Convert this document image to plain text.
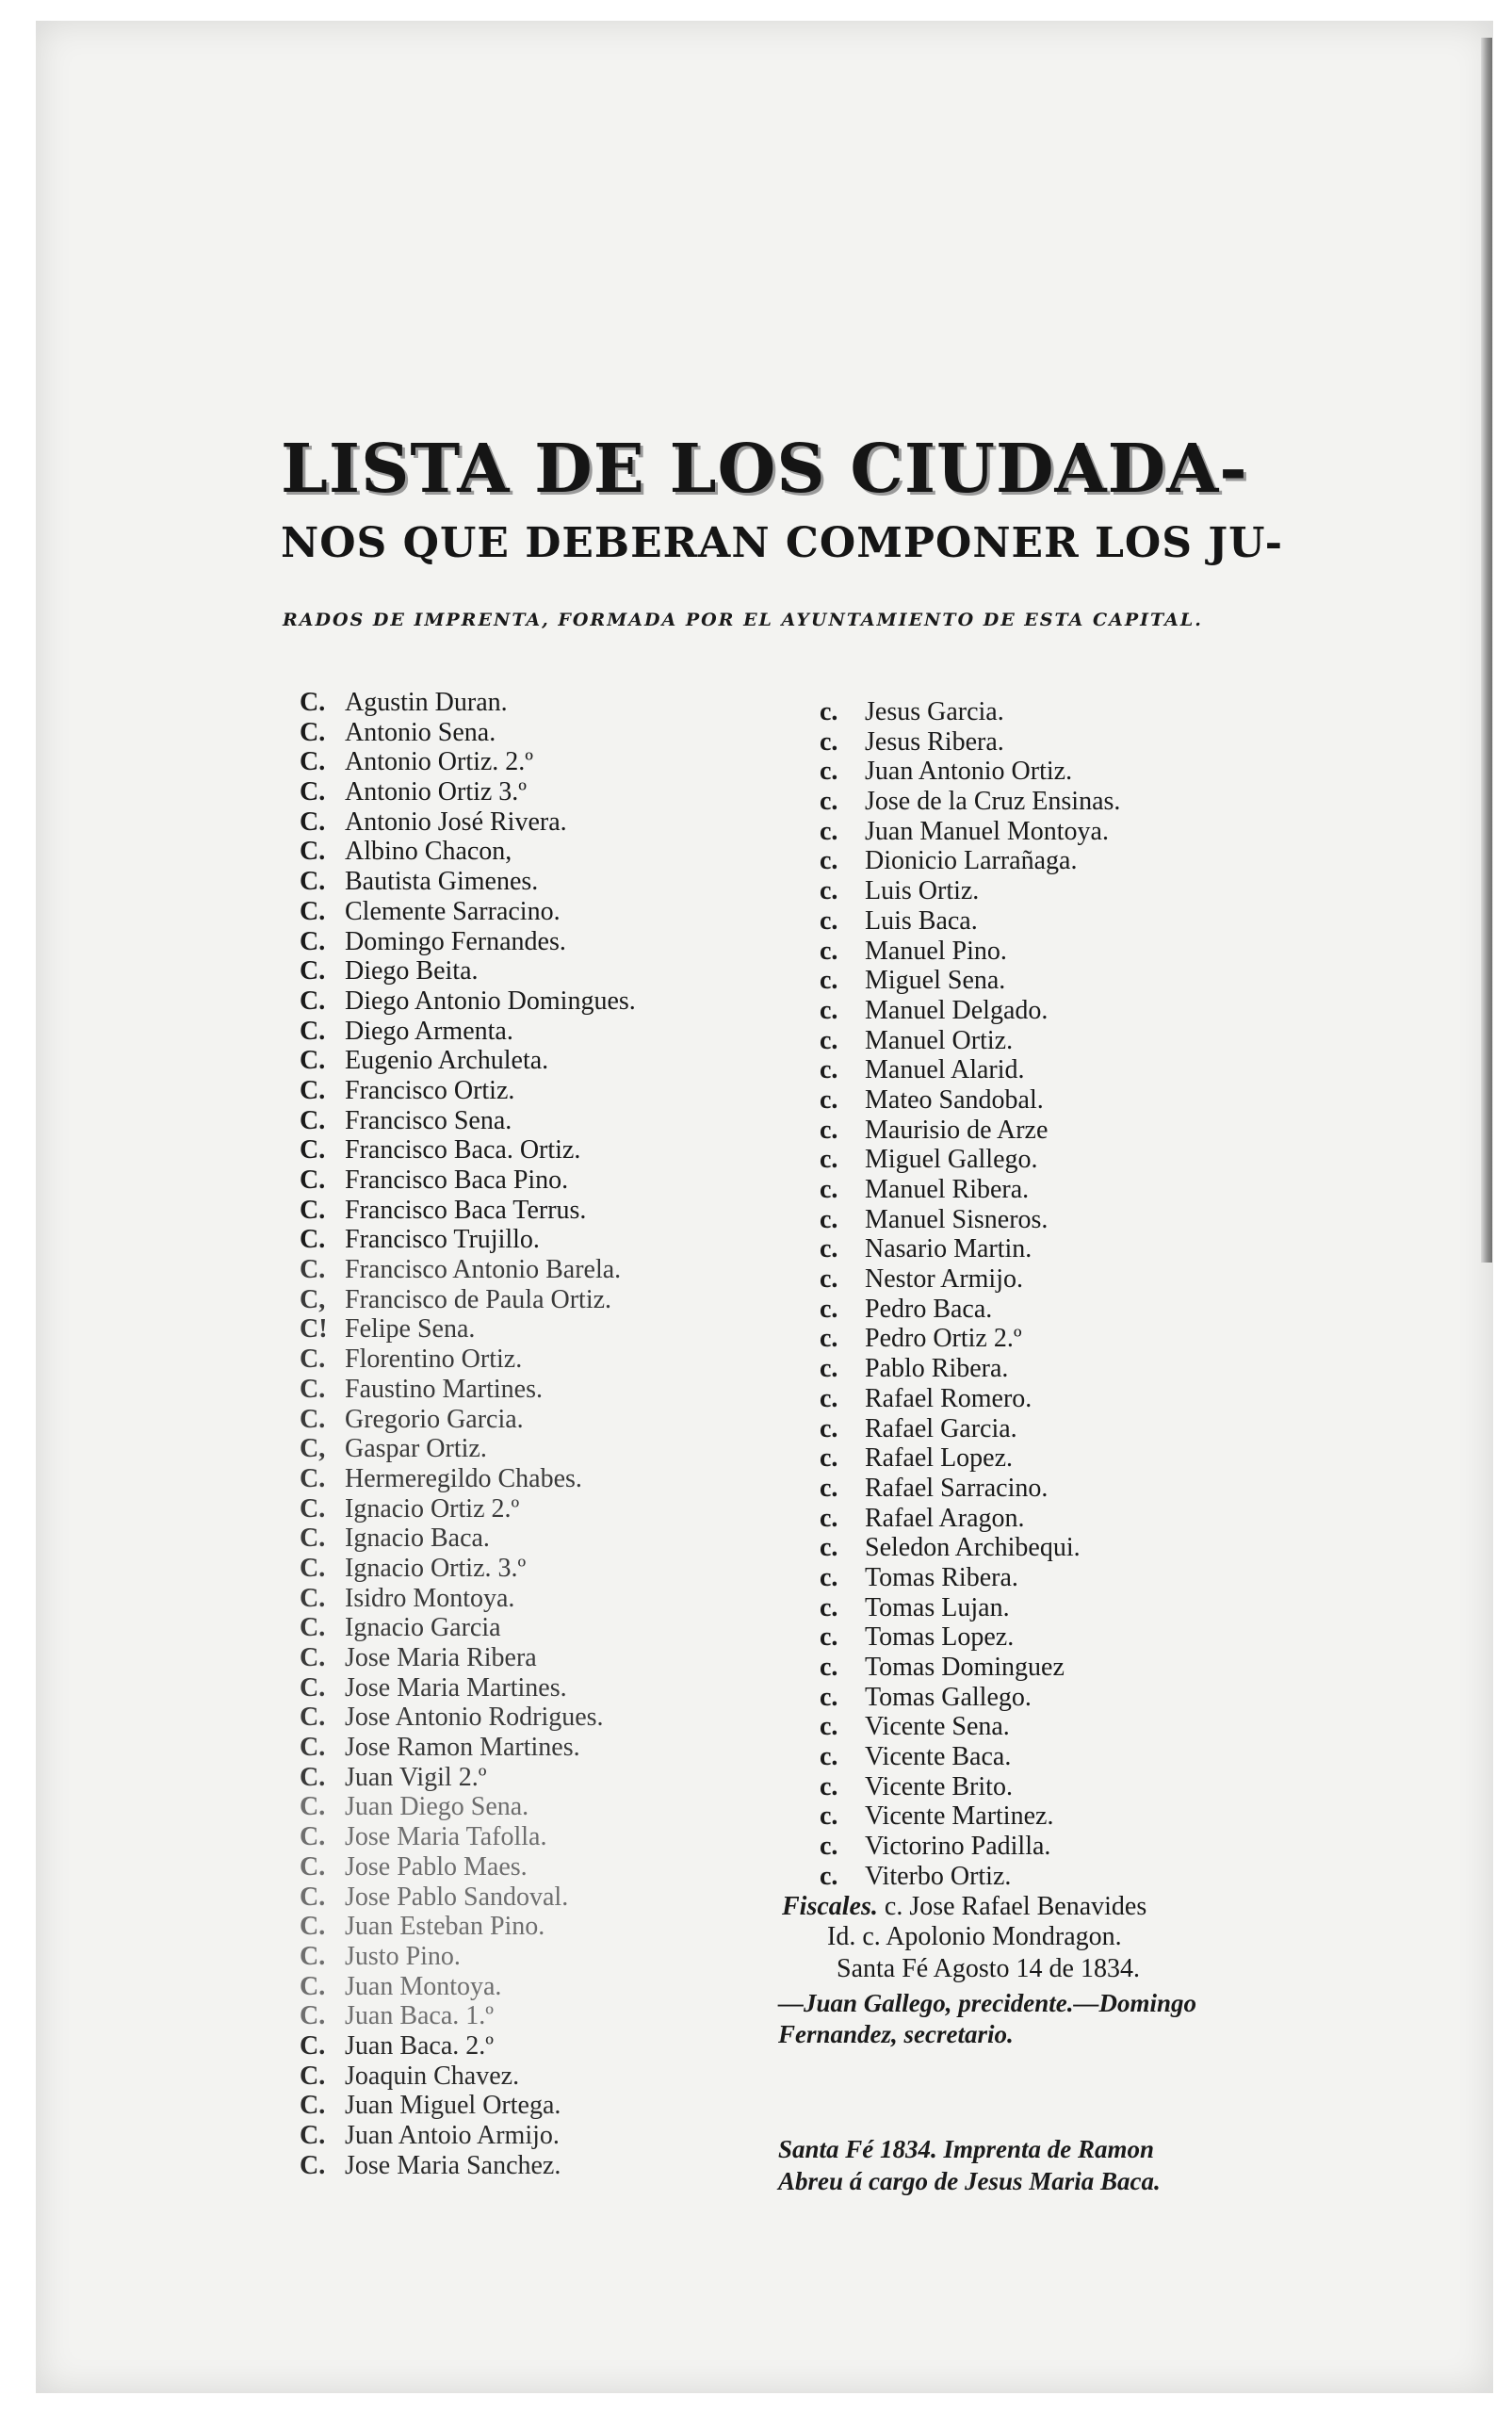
LISTA DE LOS CIUDADA-
NOS QUE DEBERAN COMPONER LOS JU-
RADOS DE IMPRENTA, FORMADA POR EL AYUNTAMIENTO DE ESTA CAPITAL.
C. Agustin Duran.
C. Antonio Sena.
C. Antonio Ortiz. 2.º
C. Antonio Ortiz 3.º
C. Antonio José Rivera.
C. Albino Chacon,
C. Bautista Gimenes.
C. Clemente Sarracino.
C. Domingo Fernandes.
C. Diego Beita.
C. Diego Antonio Domingues.
C. Diego Armenta.
C. Eugenio Archuleta.
C. Francisco Ortiz.
C. Francisco Sena.
C. Francisco Baca. Ortiz.
C. Francisco Baca Pino.
C. Francisco Baca Terrus.
C. Francisco Trujillo.
C. Francisco Antonio Barela.
C, Francisco de Paula Ortiz.
C! Felipe Sena.
C. Florentino Ortiz.
C. Faustino Martines.
C. Gregorio Garcia.
C, Gaspar Ortiz.
C. Hermeregildo Chabes.
C. Ignacio Ortiz 2.º
C. Ignacio Baca.
C. Ignacio Ortiz. 3.º
C. Isidro Montoya.
C. Ignacio Garcia
C. Jose Maria Ribera
C. Jose Maria Martines.
C. Jose Antonio Rodrigues.
C. Jose Ramon Martines.
C. Juan Vigil 2.º
C. Juan Diego Sena.
C. Jose Maria Tafolla.
C. Jose Pablo Maes.
C. Jose Pablo Sandoval.
C. Juan Esteban Pino.
C. Justo Pino.
C. Juan Montoya.
C. Juan Baca. 1.º
C. Juan Baca. 2.º
C. Joaquin Chavez.
C. Juan Miguel Ortega.
C. Juan Antoio Armijo.
C. Jose Maria Sanchez.
c. Jesus Garcia.
c. Jesus Ribera.
c. Juan Antonio Ortiz.
c. Jose de la Cruz Ensinas.
c. Juan Manuel Montoya.
c. Dionicio Larrañaga.
c. Luis Ortiz.
c. Luis Baca.
c. Manuel Pino.
c. Miguel Sena.
c. Manuel Delgado.
c. Manuel Ortiz.
c. Manuel Alarid.
c. Mateo Sandobal.
c. Maurisio de Arze
c. Miguel Gallego.
c. Manuel Ribera.
c. Manuel Sisneros.
c. Nasario Martin.
c. Nestor Armijo.
c. Pedro Baca.
c. Pedro Ortiz 2.º
c. Pablo Ribera.
c. Rafael Romero.
c. Rafael Garcia.
c. Rafael Lopez.
c. Rafael Sarracino.
c. Rafael Aragon.
c. Seledon Archibequi.
c. Tomas Ribera.
c. Tomas Lujan.
c. Tomas Lopez.
c. Tomas Dominguez
c. Tomas Gallego.
c. Vicente Sena.
c. Vicente Baca.
c. Vicente Brito.
c. Vicente Martinez.
c. Victorino Padilla.
c. Viterbo Ortiz.
Fiscales. c. Jose Rafael Benavides
Id. c. Apolonio Mondragon.
Santa Fé Agosto 14 de 1834.
—Juan Gallego, precidente.—Domingo
Fernandez, secretario.
Santa Fé 1834. Imprenta de Ramon
Abreu á cargo de Jesus Maria Baca.
